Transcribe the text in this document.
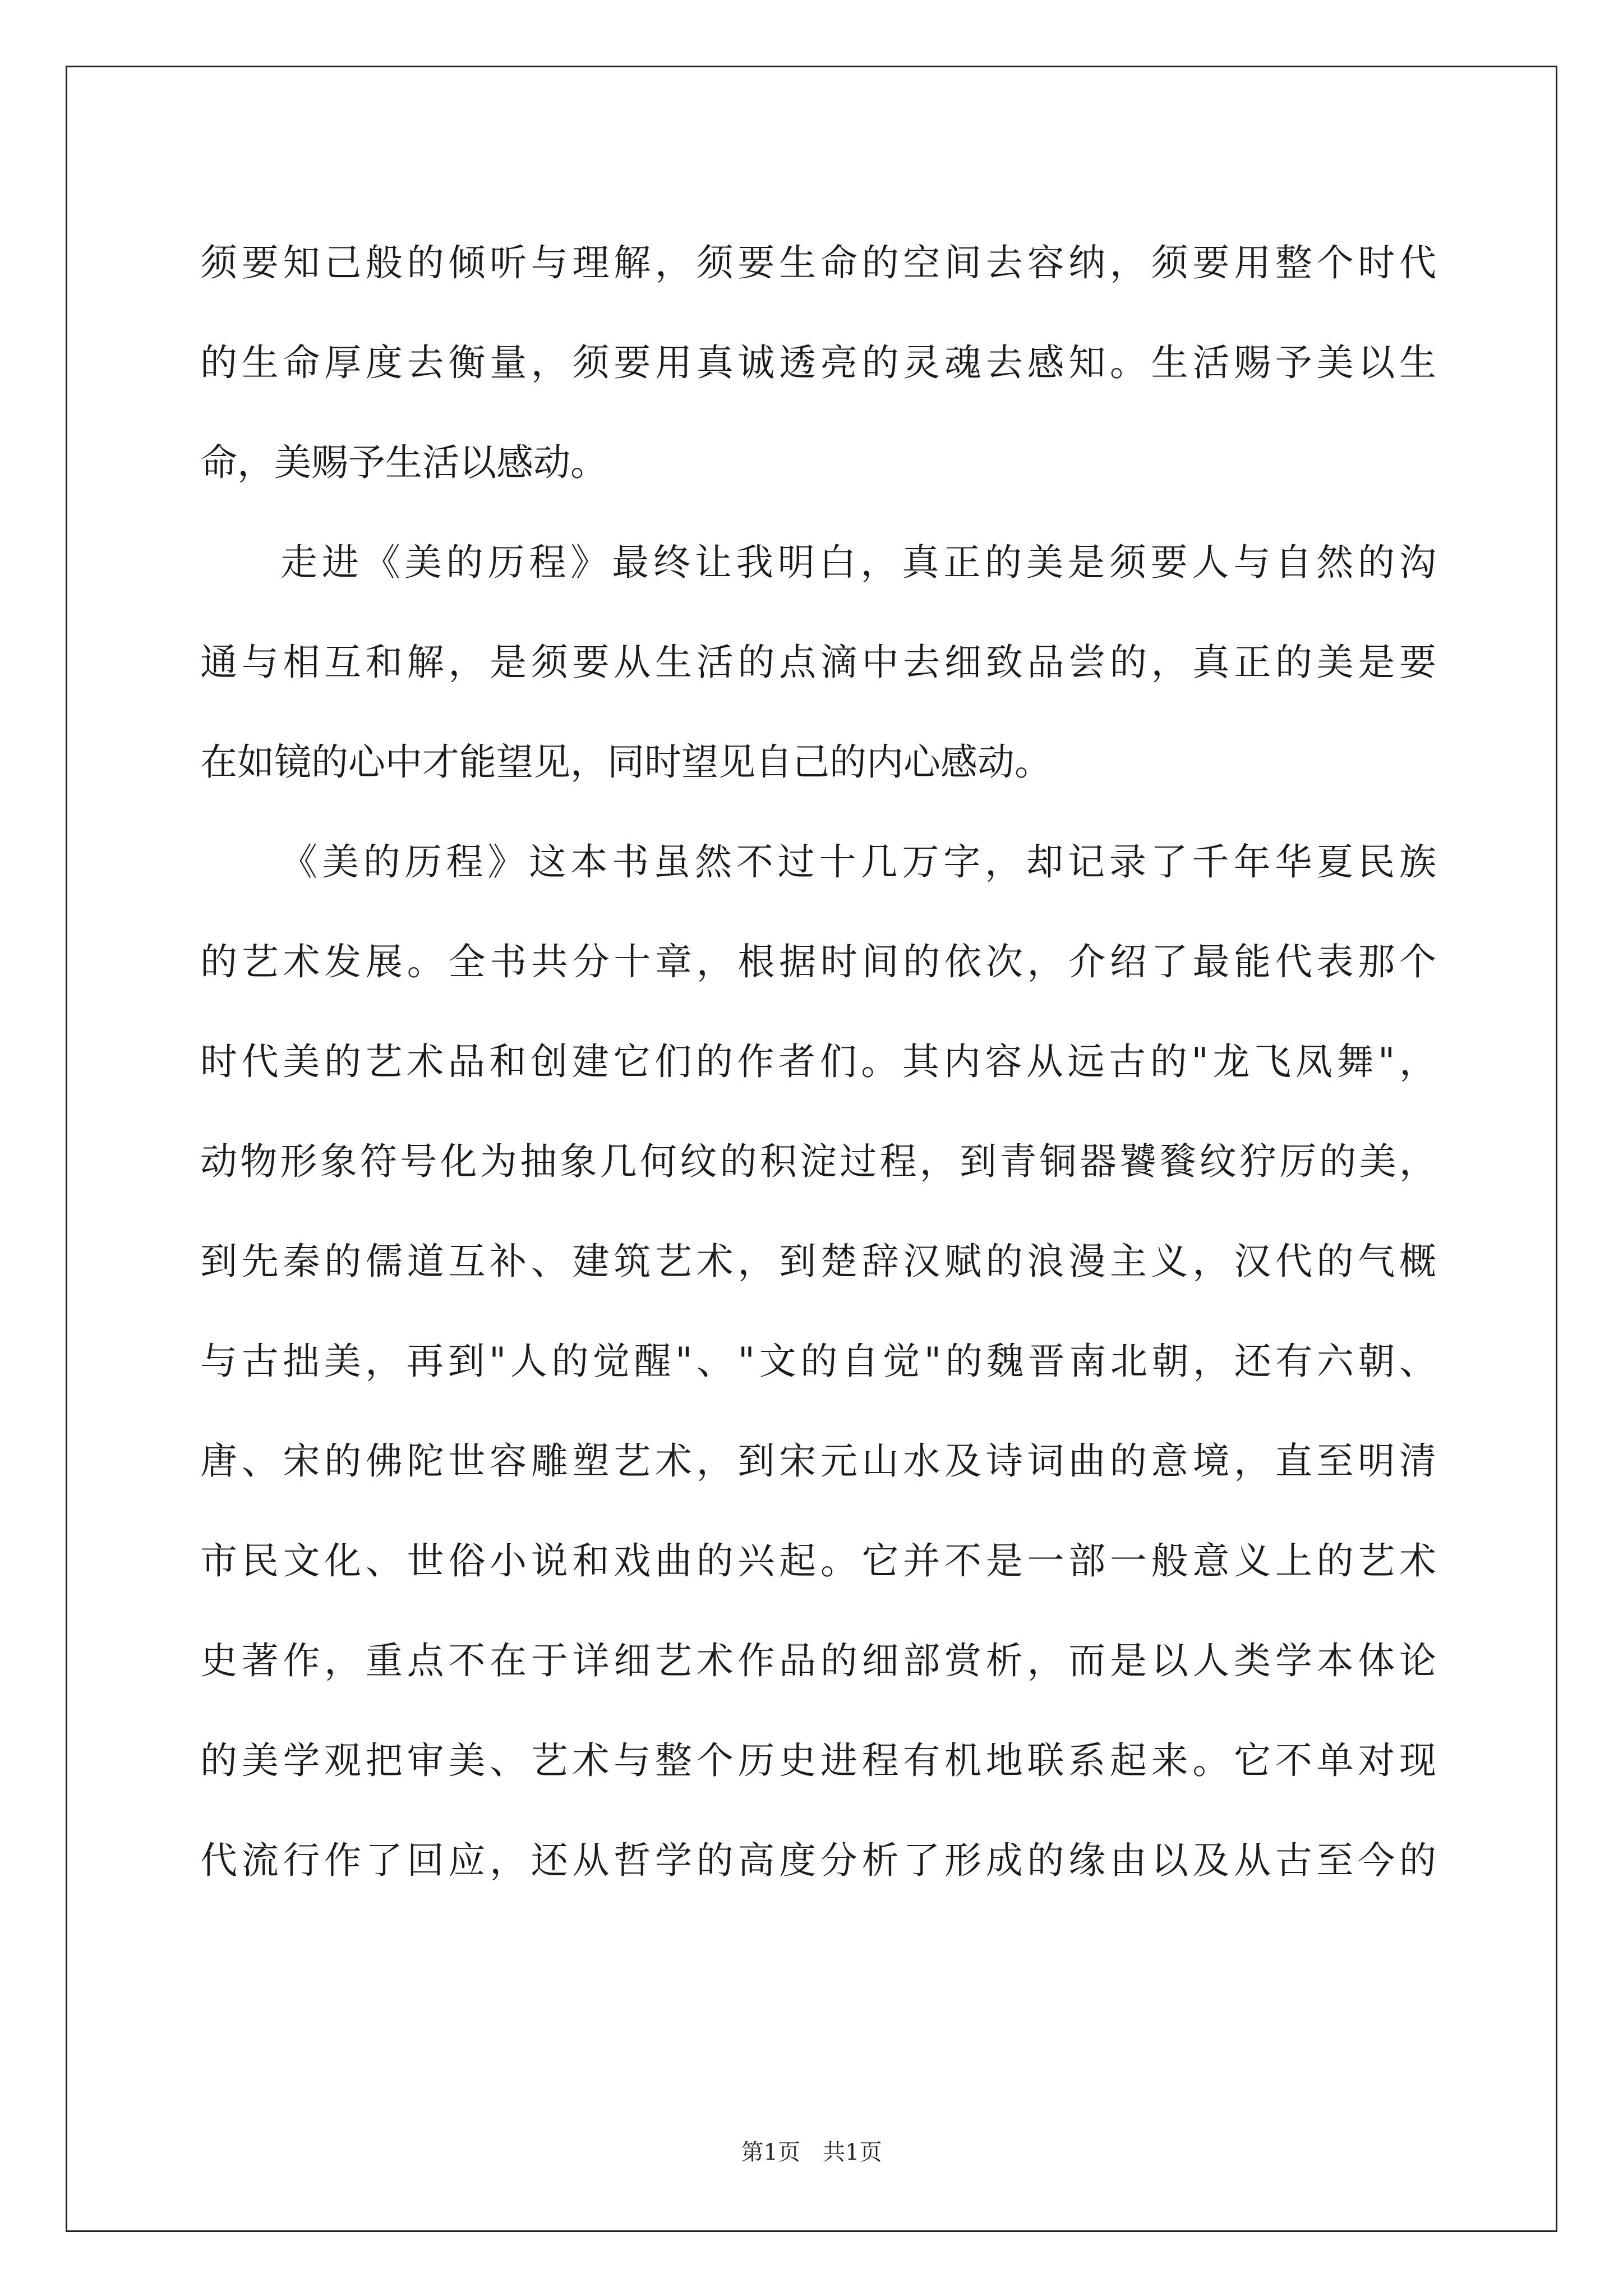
须要知己般的倾听与理解，须要生命的空间去容纳，须要用整个时代
的生命厚度去衡量，须要用真诚透亮的灵魂去感知。生活赐予美以生
命，美赐予生活以感动。
走进《美的历程》最终让我明白，真正的美是须要人与自然的沟
通与相互和解，是须要从生活的点滴中去细致品尝的，真正的美是要
在如镜的心中才能望见，同时望见自己的内心感动。
《美的历程》这本书虽然不过十几万字，却记录了千年华夏民族
的艺术发展。全书共分十章，根据时间的依次，介绍了最能代表那个
时代美的艺术品和创建它们的作者们。其内容从远古的"龙飞凤舞"，
动物形象符号化为抽象几何纹的积淀过程，到青铜器饕餮纹狞厉的美，
到先秦的儒道互补、建筑艺术，到楚辞汉赋的浪漫主义，汉代的气概
与古拙美，再到"人的觉醒"、"文的自觉"的魏晋南北朝，还有六朝、
唐、宋的佛陀世容雕塑艺术，到宋元山水及诗词曲的意境，直至明清
市民文化、世俗小说和戏曲的兴起。它并不是一部一般意义上的艺术
史著作，重点不在于详细艺术作品的细部赏析，而是以人类学本体论
的美学观把审美、艺术与整个历史进程有机地联系起来。它不单对现
代流行作了回应，还从哲学的高度分析了形成的缘由以及从古至今的
第1页　共1页
